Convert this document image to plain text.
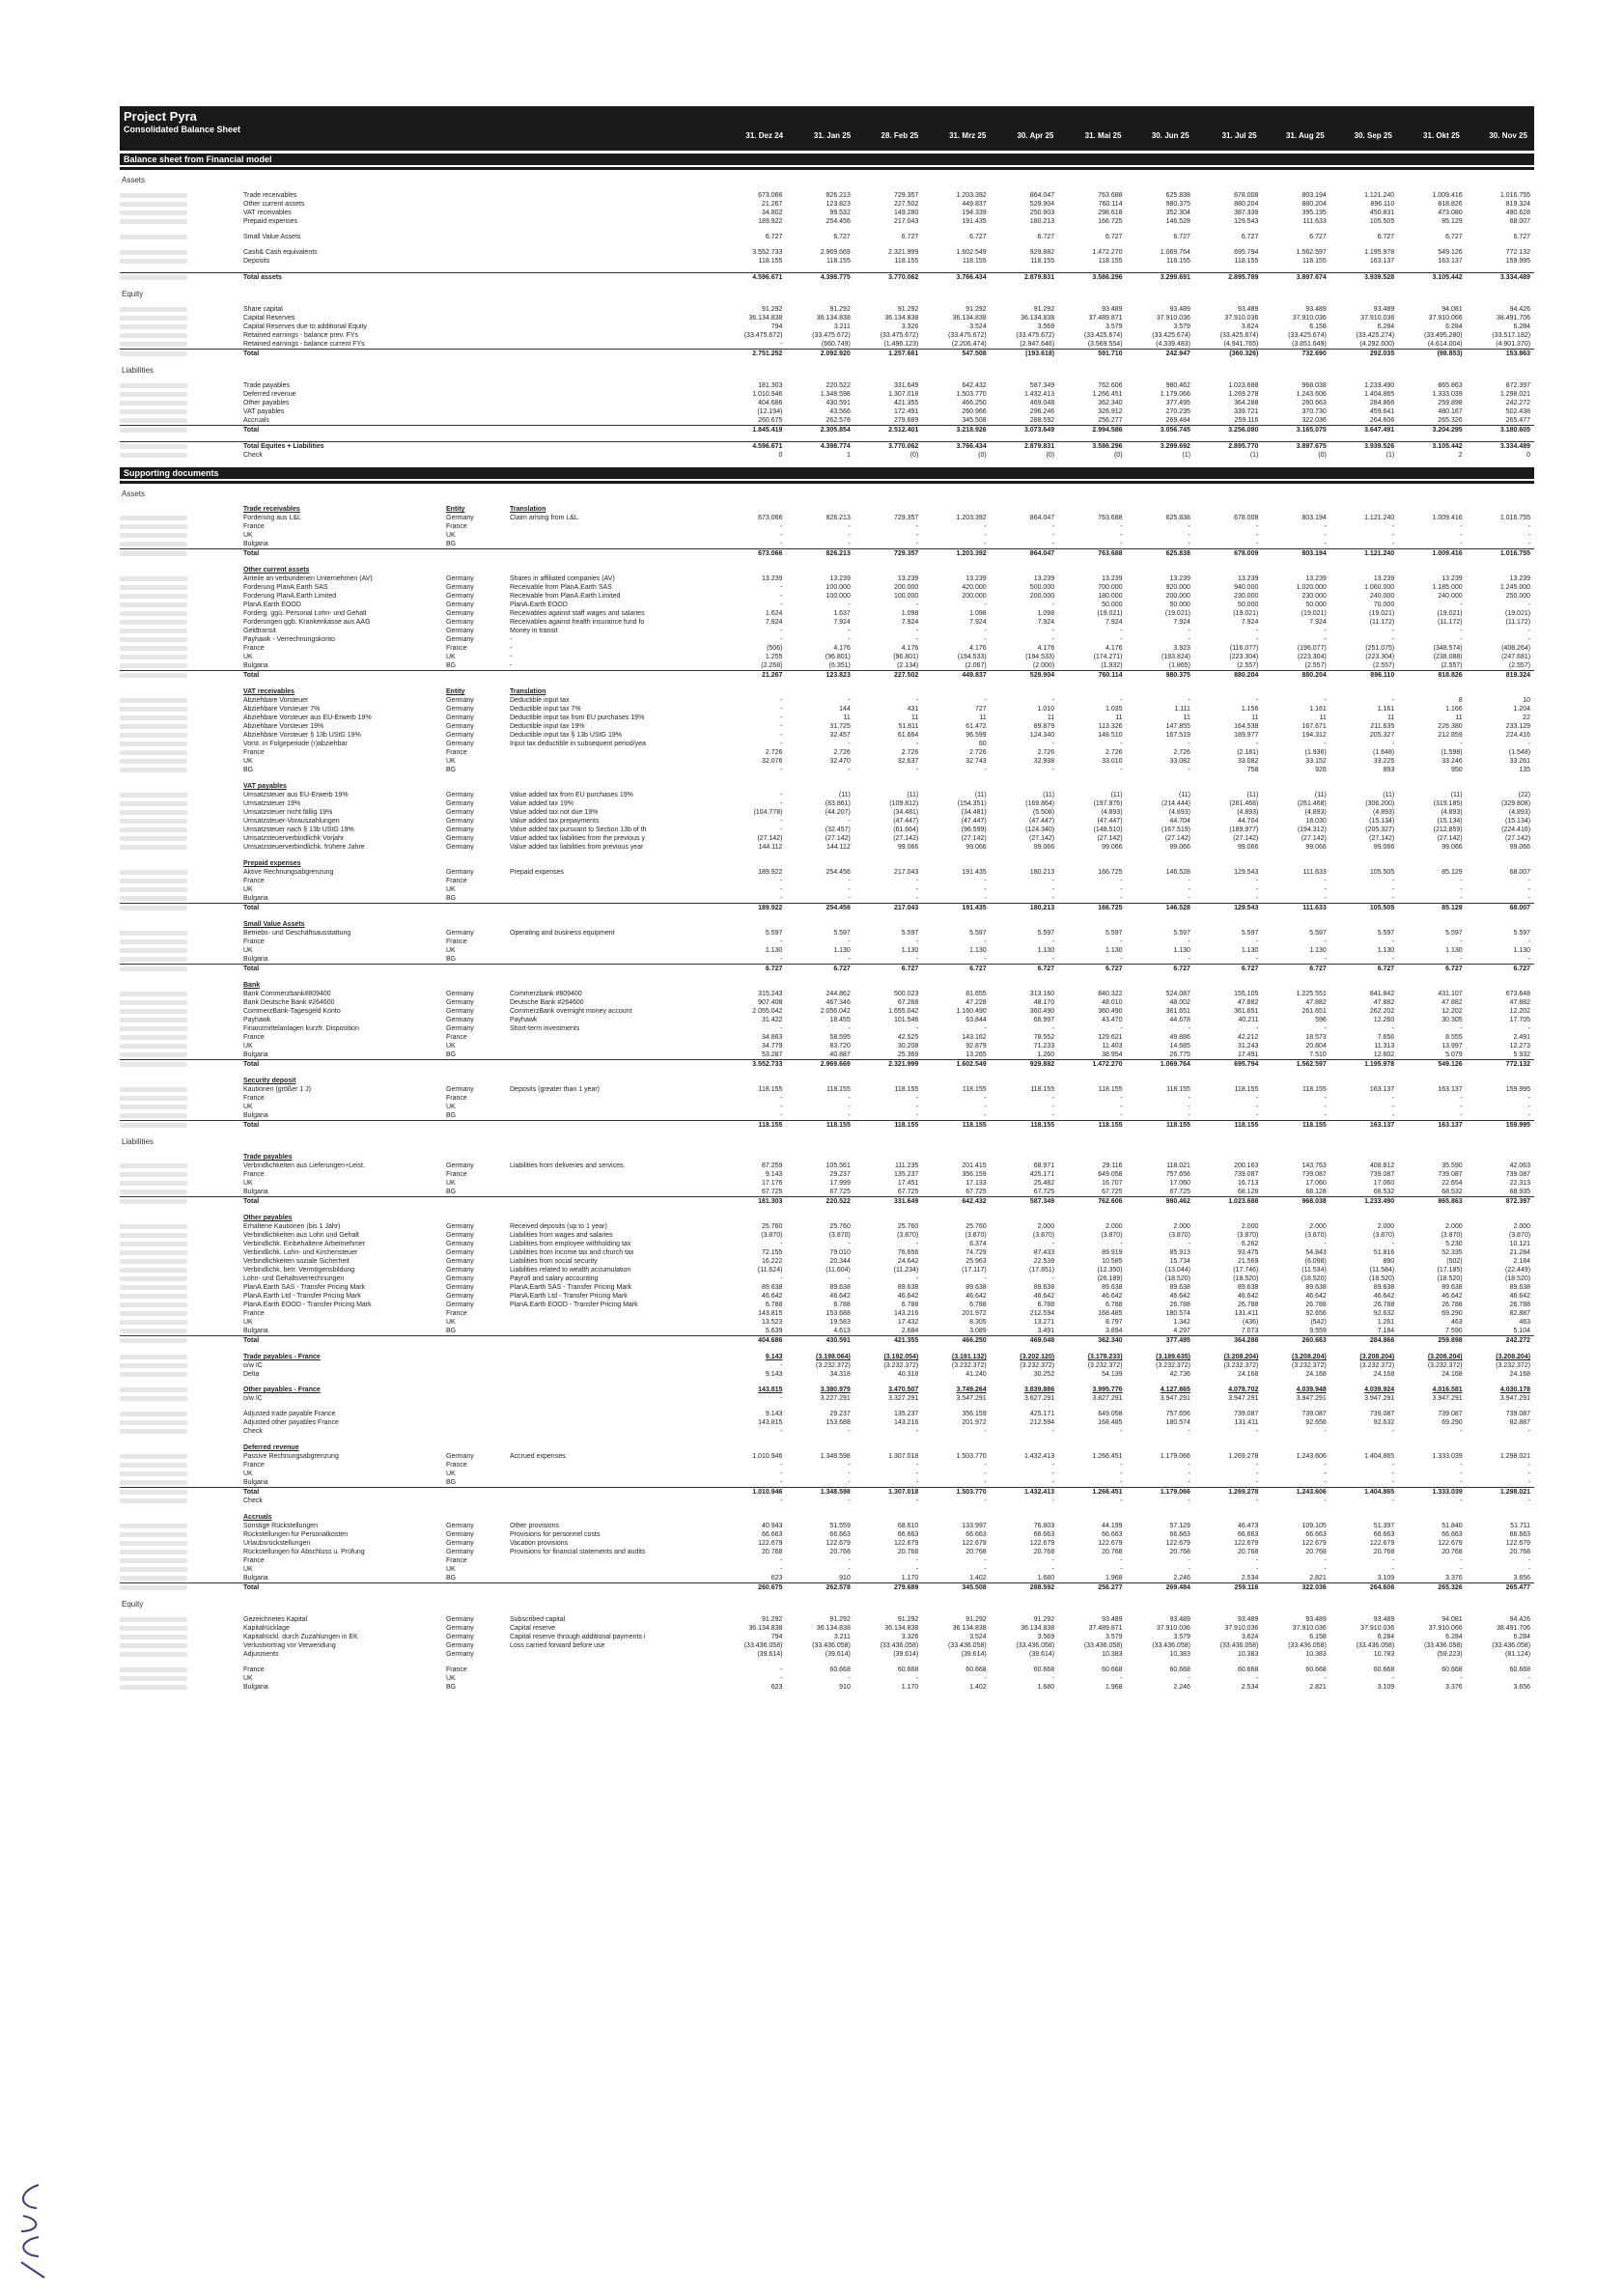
Project Pyra
Consolidated Balance Sheet
31. Dez 24	31. Jan 25	28. Feb 25	31. Mrz 25	30. Apr 25	31. Mai 25	30. Jun 25	31. Jul 25	31. Aug 25	30. Sep 25	31. Okt 25	30. Nov 25
Balance sheet from Financial model
Assets
Trade receivables	673.066	826.213	729.357	1.203.392	864.047	763.688	625.838	678.008	803.194	1.121.240	1.009.416	1.016.755
Other current assets	21.267	123.823	227.502	449.837	529.904	760.114	980.375	880.204	880.204	896.110	818.826	819.324
VAT receivables	34.802	99.532	149.280	194.339	250.903	298.618	352.304	387.339	395.195	450.831	473.080	490.628
Prepaid expenses	189.922	254.456	217.043	191.435	180.213	166.725	146.528	129.543	111.633	105.505	85.129	68.007
Small Value Assets	6.727	6.727	6.727	6.727	6.727	6.727	6.727	6.727	6.727	6.727	6.727	6.727
Cash& Cash equivalents	3.552.733	2.969.669	2.321.999	1.602.549	929.882	1.472.270	1.069.764	695.794	1.562.597	1.195.978	549.126	772.132
Deposits	118.155	118.155	118.155	118.155	118.155	118.155	118.155	118.155	118.155	163.137	163.137	159.995
Total assets	4.596.671	4.398.775	3.770.062	3.766.434	2.879.831	3.586.296	3.299.691	2.895.789	3.897.674	3.939.528	3.105.442	3.334.489
Equity
Share capital	91.292	91.292	91.292	91.292	91.292	93.489	93.489	93.489	93.489	93.489	94.081	94.426
Capital Reserves	36.134.838	36.134.838	36.134.838	36.134.838	36.134.838	37.489.871	37.910.036	37.910.036	37.910.036	37.910.036	37.910.066	38.491.706
Capital Reserves due to additional Equity	794	3.211	3.326	3.524	3.569	3.579	3.579	3.624	6.158	6.284	6.284	6.284
Retained earnings - balance prev. FYs	(33.475.672)	(33.475.672)	(33.475.672)	(33.475.672)	(33.475.672)	(33.425.674)	(33.425.674)	(33.425.674)	(33.425.674)	(33.425.274)	(33.495.280)	(33.517.182)
Retained earnings - balance current FYs	-	(660.749)	(1.496.123)	(2.206.474)	(2.947.646)	(3.569.554)	(4.339.483)	(4.941.765)	(3.851.649)	(4.292.600)	(4.614.004)	(4.901.370)
Total	2.751.252	2.092.920	1.257.661	547.508	(193.618)	591.710	242.947	(360.326)	732.690	292.035	(98.853)	153.863
Liabilities
Trade payables	181.303	220.522	331.649	642.432	587.349	762.606	980.462	1.023.688	968.038	1.233.490	865.863	872.397
Deferred revenue	1.010.946	1.348.598	1.307.018	1.503.770	1.432.413	1.266.451	1.179.066	1.269.278	1.243.606	1.404.865	1.333.039	1.298.021
Other payables	404.686	430.591	421.355	466.250	469.048	362.340	377.495	364.288	260.663	284.866	259.898	242.272
VAT payables	(12.194)	43.566	172.491	260.966	296.246	326.912	270.235	339.721	370.730	459.641	480.167	502.438
Accruals	260.675	262.578	279.689	345.508	288.592	256.277	269.484	259.116	322.036	264.606	265.326	265.477
Total	1.845.419	2.305.854	2.512.401	3.218.926	3.073.649	2.994.586	3.056.745	3.256.080	3.165.075	3.647.491	3.204.295	3.180.605
Total Equites + Liabilities	4.596.671	4.398.774	3.770.062	3.766.434	2.879.831	3.586.296	3.299.692	2.895.770	3.897.675	3.939.526	3.105.442	3.334.489
Check	0	1	(0)	(0)	(0)	(0)	(1)	(1)	(0)	(1)	2	0
Supporting documents
Assets
Trade receivables	Entity	Translation
Forderung aus L&L	Germany	Claim arising from L&L	673.066	826.213	729.357	1.203.392	864.047	763.688	625.838	678.008	803.194	1.121.240	1.009.416	1.016.755
France	France	-	-	-	-	-	-	-	-	-	-	-	-
UK	UK	-	-	-	-	-	-	-	-	-	-	-	-
Bulgaria	BG	-	-	-	-	-	-	-	-	-	-	-	-
Total	673.066	826.213	729.357	1.203.392	864.047	763.688	625.838	678.009	803.194	1.121.240	1.009.416	1.016.755
Other current assets
Anteile an verbundenen Unternehmen (AV)	Germany	Shares in affiliated companies (AV)	13.239	13.239	13.239	13.239	13.239	13.239	13.239	13.239	13.239	13.239	13.239	13.239
Forderung PlanA.Earth SAS	Germany	Receivable from PlanA.Earth SAS	-	100.000	200.000	420.000	500.000	700.000	920.000	940.000	1.020.000	1.060.000	1.185.000	1.245.000
Forderung PlanA.Earth Limited	Germany	Receivable from PlanA.Earth Limited	-	100.000	100.000	200.000	200.000	180.000	200.000	230.000	230.000	240.000	240.000	250.000
PlanA.Earth EOOD	Germany	PlanA.Earth EOOD	-	-	-	-	-	50.000	50.000	50.000	50.000	70.000	-	-
Forderg. ggü. Personal Lohn- und Gehalt	Germany	Receivables against staff wages and salaries	1.624	1.637	1.098	1.098	1.098	(19.021)	(19.021)	(19.021)	(19.021)	(19.021)	(19.021)	(19.021)
Forderungen ggb. Krankenkasse aus AAG	Germany	Receivables against health insurance fund fo	7.924	7.924	7.924	7.924	7.924	7.924	7.924	7.924	7.924	(11.172)	(11.172)	(11.172)
Geldtransit	Germany	Money in transit	-	-	-	-	-	-	-	-	-	-	-	-
Payhawk - Verrechnungskonto	Germany	-	-	-	-	-	-	-	-	-	-	-	-	-
France	France	-	(506)	4.176	4.176	4.176	4.176	4.176	3.923	(116.077)	(196.077)	(251.075)	(348.574)	(408.264)
UK	UK	-	1.255	(96.801)	(96.801)	(194.533)	(194.533)	(174.271)	(193.824)	(223.304)	(223.304)	(223.304)	(238.088)	(247.681)
Bulgaria	BG	-	(2.268)	(6.351)	(2.134)	(2.067)	(2.000)	(1.932)	(1.865)	(2.557)	(2.557)	(2.557)	(2.557)	(2.557)
Total	21.267	123.823	227.502	449.837	529.904	760.114	980.375	880.204	880.204	896.110	818.826	819.324
VAT receivables	Entity	Translation
Abziehbare Vorsteuer	Germany	Deductible input tax	-	-	-	-	-	-	-	-	-	-	8	10
Abziehbare Vorsteuer 7%	Germany	Deductible input tax 7%	-	144	431	727	1.010	1.035	1.111	1.156	1.161	1.161	1.166	1.204
Abziehbare Vorsteuer aus EU-Erwerb 19%	Germany	Deductible input tax from EU purchases 19%	-	11	11	11	11	11	11	11	11	11	11	22
Abziehbare Vorsteuer 19%	Germany	Deductible input tax 19%	-	31.725	51.811	61.472	89.879	113.326	147.855	164.538	167.671	211.635	226.380	233.129
Abziehbare Vorsteuer § 13b UStG 19%	Germany	Deductible input tax § 13b UStG 19%	-	32.457	61.664	96.599	124.340	148.510	167.519	189.977	194.312	205.327	212.859	224.416
Vorst. in Folgeperiode (r)abziehbar	Germany	Input tax deductible in subsequent period/yea	-	-	-	60	-	-	-	-	-	-	-	-
France	France	2.726	2.726	2.726	2.726	2.726	2.726	2.726	(2.181)	(1.936)	(1.648)	(1.598)	(1.548)
UK	UK	32.076	32.470	32.637	32.743	32.938	33.010	33.082	33.082	33.152	33.225	33.246	33.261
BG	BG	-	-	-	-	-	-	-	758	926	893	950	135
VAT payables
Umsatzsteuer aus EU-Erwerb 19%	Germany	Value added tax from EU purchases 19%	-	(11)	(11)	(11)	(11)	(11)	(11)	(11)	(11)	(11)	(11)	(22)
Umsatzsteuer 19%	Germany	Value added tax 19%	-	(83.861)	(109.812)	(154.351)	(169.864)	(197.976)	(214.444)	(261.468)	(261.468)	(306.200)	(319.185)	(329.808)
Umsatzsteuer nicht fällig 19%	Germany	Value added tax not due 19%	(104.778)	(44.207)	(34.481)	(34.481)	(5.508)	(4.893)	(4.893)	(4.893)	(4.893)	(4.893)	(4.893)	(4.893)
Umsatzsteuer-Vorauszahlungen	Germany	Value added tax prepayments	-	-	(47.447)	(47.447)	(47.447)	(47.447)	44.704	44.704	18.030	(15.134)	(15.134)	(15.134)
Umsatzsteuer nach § 13b UStG 19%	Germany	Value added tax pursuant to Section 13b of th	-	(32.457)	(61.664)	(96.599)	(124.340)	(148.510)	(167.519)	(189.977)	(194.312)	(205.327)	(212.859)	(224.416)
Umsatzsteuerverbindlichk Vorjahr	Germany	Value added tax liabilities from the previous y	(27.142)	(27.142)	(27.142)	(27.142)	(27.142)	(27.142)	(27.142)	(27.142)	(27.142)	(27.142)	(27.142)	(27.142)
Umsatzsteuerverbindlichk. frühere Jahre	Germany	Value added tax liabilities from previous year	144.112	144.112	99.066	99.066	99.066	99.066	99.066	99.066	99.066	99.066	99.066	99.066
Prepaid expenses
Aktive Rechnungsabgrenzung	Germany	Prepaid expenses	189.922	254.456	217.043	191.435	180.213	166.725	146.528	129.543	111.633	105.505	85.129	68.007
France	France	-	-	-	-	-	-	-	-	-	-	-	-
UK	UK	-	-	-	-	-	-	-	-	-	-	-	-
Bulgaria	BG	-	-	-	-	-	-	-	-	-	-	-	-
Total	189.922	254.456	217.043	191.435	180.213	166.725	146.528	129.543	111.633	105.505	85.129	68.007
Small Value Assets
Betriebs- und Geschäftsausstattung	Germany	Operating and business equipment	5.597	5.597	5.597	5.597	5.597	5.597	5.597	5.597	5.597	5.597	5.597	5.597
France	France	-	-	-	-	-	-	-	-	-	-	-	-
UK	UK	1.130	1.130	1.130	1.130	1.130	1.130	1.130	1.130	1.130	1.130	1.130	1.130
Bulgaria	BG	-	-	-	-	-	-	-	-	-	-	-	-
Total	6.727	6.727	6.727	6.727	6.727	6.727	6.727	6.727	6.727	6.727	6.727	6.727
Bank
Bank Commerzbank#809400	Germany	Commerzbank #809400	315.243	244.862	500.023	81.655	313.160	840.322	524.087	155.105	1.225.551	841.842	431.107	673.648
Bank Deutsche Bank #264600	Germany	Deutsche Bank #264600	907.408	467.346	67.268	47.228	48.170	48.010	48.002	47.882	47.882	47.882	47.882	47.882
CommerzBank-Tagesgeld Konto	Germany	CommerzBank overnight money account	2.055.042	2.056.042	1.655.042	1.160.490	360.490	360.490	361.651	361.651	261.651	262.202	12.202	12.202
Payhawk	Germany	Payhawk	31.422	18.455	101.546	63.844	66.997	43.470	44.678	40.211	596	12.260	30.305	17.705
Finanzmittelanlagen kurzfr. Disposition	Germany	Short-term investments	-	-	-	-	-	-	-	-	-	-	-	-
France	France	34.863	58.595	42.525	143.162	78.552	129.621	49.886	42.212	18.573	7.656	8.555	2.491
UK	UK	34.779	83.720	30.208	92.879	71.233	11.403	14.685	31.243	20.804	11.313	13.997	12.273
Bulgaria	BG	53.287	40.887	25.369	13.265	1.260	38.954	26.775	17.491	7.510	12.602	5.079	5.932
Total	3.552.733	2.969.669	2.321.999	1.602.549	929.882	1.472.270	1.069.764	695.794	1.562.597	1.195.978	549.126	772.132
Security deposit
Kautionen (größer 1 J)	Germany	Deposits (greater than 1 year)	118.155	118.155	118.155	118.155	118.155	118.155	118.155	118.155	118.155	163.137	163.137	159.995
France	France	-	-	-	-	-	-	-	-	-	-	-	-
UK	UK	-	-	-	-	-	-	-	-	-	-	-	-
Bulgaria	BG	-	-	-	-	-	-	-	-	-	-	-	-
Total	118.155	118.155	118.155	118.155	118.155	118.155	118.155	118.155	118.155	163.137	163.137	159.995
Liabilities
Trade payables
Verbindlichkeiten aus Lieferungen+Leist.	Germany	Liabilities from deliveries and services.	87.259	105.561	111.235	201.415	68.971	29.116	118.021	200.163	143.763	408.812	35.590	42.063
France	France	9.143	29.237	135.237	356.159	425.171	649.058	757.656	739.087	739.087	739.087	739.087	739.087
UK	UK	17.176	17.999	17.451	17.133	25.482	16.707	17.060	16.713	17.060	17.060	22.654	22.313
Bulgaria	BG	67.725	67.725	67.725	67.725	67.725	67.725	67.725	68.128	68.128	68.532	68.532	68.935
Total	181.303	220.522	331.649	642.432	587.349	762.606	980.462	1.023.688	968.038	1.233.490	865.863	872.397
Other payables
Erhaltene Kautionen (bis 1 Jahr)	Germany	Received deposits (up to 1 year)	25.760	25.760	25.760	25.760	2.000	2.000	2.000	2.000	2.000	2.000	2.000	2.000
Verbindlichkeiten aus Lohn und Gehalt	Germany	Liabilities from wages and salaries	(3.870)	(3.870)	(3.870)	(3.870)	(3.870)	(3.870)	(3.870)	(3.870)	(3.870)	(3.870)	(3.870)	(3.870)
Verbindlichk. Einbehaltene Arbeitnehmer	Germany	Liabilities from employee withholding tax	-	-	-	6.374	-	-	-	6.262	-	-	5.230	10.121
Verbindlichk. Lohn- und Kirchensteuer	Germany	Liabilities from income tax and church tax	72.155	79.010	76.656	74.729	87.433	89.919	85.913	93.475	54.843	51.816	52.335	21.284
Verbindlichkeiten soziale Sicherheit	Germany	Liabilities from social security	16.222	20.344	24.642	25.963	22.539	10.585	15.734	21.569	(6.098)	890	(502)	2.184
Verbindlichk. betr. Vermögensbildung	Germany	Liabilities related to wealth accumulation	(11.624)	(11.604)	(11.234)	(17.117)	(17.851)	(12.350)	(13.044)	(17.746)	(11.534)	(11.584)	(17.185)	(22.449)
Lohn- und Gehaltsverrechnungen	Germany	Payroll and salary accounting	-	-	-	-	-	(26.189)	(18.520)	(18.520)	(18.520)	(18.520)	(18.520)	(18.520)
PlanA.Earth SAS - Transfer Pricing Mark	Germany	PlanA.Earth SAS - Transfer Pricing Mark	89.638	89.638	89.638	89.638	89.638	89.638	89.638	89.638	89.638	89.638	89.638	89.638
PlanA.Earth Ltd - Transfer Pricing Mark	Germany	PlanA.Earth Ltd - Transfer Pricing Mark	46.642	46.642	46.642	46.642	46.642	46.642	46.642	46.642	46.642	46.642	46.642	46.642
PlanA.Earth EOOD - Transfer Pricing Mark	Germany	PlanA.Earth EOOD - Transfer Pricing Mark	6.788	6.788	6.788	6.788	6.788	6.788	26.788	26.788	26.788	26.788	26.788	26.788
France	France	143.815	153.688	143.216	201.972	212.594	168.485	180.574	131.411	92.656	92.632	69.290	82.887
UK	UK	13.523	19.583	17.432	8.305	13.271	8.797	1.342	(436)	(542)	1.261	463	463
Bulgaria	BG	5.639	4.613	2.684	3.089	3.491	3.894	4.297	7.073	9.559	7.184	7.590	5.104
Total	404.686	430.591	421.355	466.250	469.048	362.340	377.495	364.288	260.663	284.866	259.898	242.272
Trade payables - France	9.143	(3.198.064)	(3.192.054)	(3.191.132)	(3.202.120)	(3.178.233)	(3.189.635)	(3.208.204)	(3.208.204)	(3.208.204)	(3.208.204)	(3.208.204)
o/w IC	-	(3.232.372)	(3.232.372)	(3.232.372)	(3.232.372)	(3.232.372)	(3.232.372)	(3.232.372)	(3.232.372)	(3.232.372)	(3.232.372)	(3.232.372)
Delta	9.143	34.318	40.318	41.240	30.252	54.139	42.736	24.168	24.168	24.168	24.168	24.168
Other payables - France	143.815	3.380.979	3.470.507	3.749.264	3.839.886	3.995.776	4.127.865	4.078.702	4.039.948	4.039.924	4.016.581	4.030.178
o/w IC	-	3.227.291	3.327.291	3.547.291	3.627.291	3.827.291	3.947.291	3.947.291	3.947.291	3.947.291	3.947.291	3.947.291
Adjusted trade payable France	9.143	29.237	135.237	356.159	425.171	649.058	757.656	739.087	739.087	739.087	739.087	739.087
Adjusted other payables France	143.815	153.688	143.216	201.972	212.594	168.485	180.574	131.411	92.656	92.632	69.290	82.887
Check	-	-	-	-	-	-	-	-	-	-	-	-
Deferred revenue
Passive Rechnungsabgrenzung	Germany	Accrued expenses	1.010.946	1.348.598	1.307.018	1.503.770	1.432.413	1.266.451	1.179.066	1.269.278	1.243.606	1.404.865	1.333.039	1.298.021
France	France	-	-	-	-	-	-	-	-	-	-	-	-
UK	UK	-	-	-	-	-	-	-	-	-	-	-	-
Bulgaria	BG	-	-	-	-	-	-	-	-	-	-	-	-
Total	1.010.946	1.348.598	1.307.018	1.503.770	1.432.413	1.266.451	1.179.066	1.269.278	1.243.606	1.404.865	1.333.039	1.298.021
Check	-	-	-	-	-	-	-	-	-	-	-	-
Accruals
Sonstige Rückstellungen	Germany	Other provisions	40.943	51.559	68.610	133.997	76.803	44.199	57.129	46.473	109.105	51.397	51.840	51.711
Rückstellungen für Personalkosten	Germany	Provisions for personnel costs	66.663	66.663	66.663	66.663	66.663	66.663	66.663	66.663	66.663	66.663	66.663	66.663
Urlaubsrückstellungen	Germany	Vacation provisions	122.679	122.679	122.679	122.679	122.679	122.679	122.679	122.679	122.679	122.679	122.679	122.679
Rückstellungen für Abschluss u. Prüfung	Germany	Provisions for financial statements and audits	20.768	20.768	20.768	20.768	20.768	20.768	20.768	20.768	20.768	20.768	20.768	20.768
France	France	-	-	-	-	-	-	-	-	-	-	-	-
UK	UK	-	-	-	-	-	-	-	-	-	-	-	-
Bulgaria	BG	623	910	1.170	1.402	1.680	1.968	2.246	2.534	2.821	3.109	3.376	3.656
Total	260.675	262.578	279.689	345.508	288.592	256.277	269.484	259.116	322.036	264.606	265.326	265.477
Equity
Gezeichnetes Kapital	Germany	Subscribed capital	91.292	91.292	91.292	91.292	91.292	93.489	93.489	93.489	93.489	93.489	94.081	94.426
Kapitalrücklage	Germany	Capital reserve	36.134.838	36.134.838	36.134.838	36.134.838	36.134.838	37.489.871	37.910.036	37.910.036	37.910.036	37.910.036	37.910.066	38.491.706
Kapitalrückl. durch Zuzahlungen in EK	Germany	Capital reserve through additional payments i	794	3.211	3.326	3.524	3.569	3.579	3.579	3.624	6.158	6.284	6.284	6.284
Verlustvortrag vor Verwendung	Germany	Loss carried forward before use	(33.436.058)	(33.436.058)	(33.436.058)	(33.436.058)	(33.436.058)	(33.436.058)	(33.436.058)	(33.436.058)	(33.436.058)	(33.436.058)	(33.436.058)	(33.436.058)
Adjusments	Germany	(39.614)	(39.614)	(39.614)	(39.614)	(39.614)	10.383	10.383	10.383	10.383	10.783	(59.223)	(81.124)
France	France	-	60.668	60.668	60.668	60.668	60.668	60.668	60.668	60.668	60.668	60.668	60.668
UK	UK	-	-	-	-	-	-	-	-	-	-	-	-
Bulgaria	BG	623	910	1.170	1.402	1.680	1.968	2.246	2.534	2.821	3.109	3.376	3.656
